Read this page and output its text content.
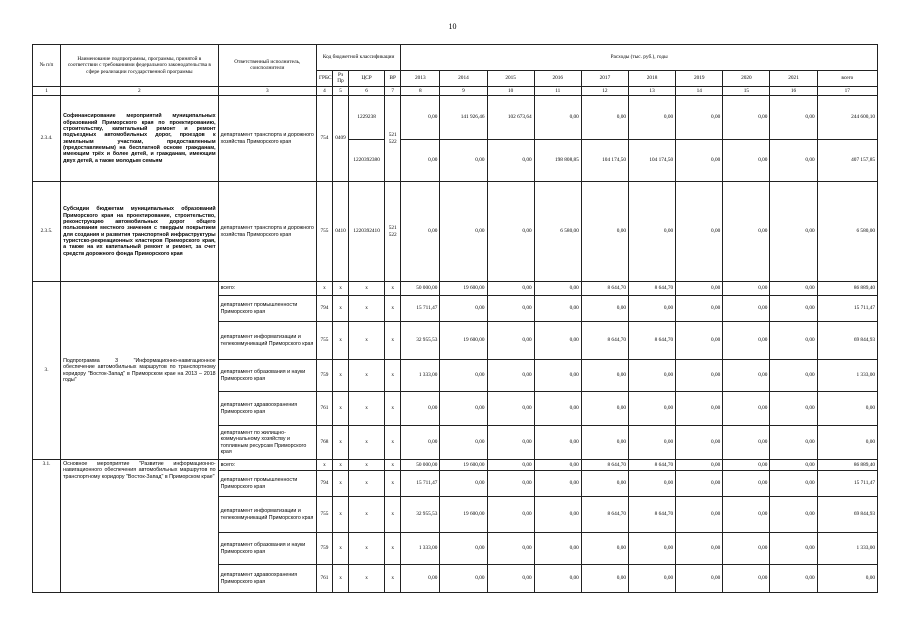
10
№ п/п	Наименование подпрограммы, программы, принятой в соответствии с требованиями федерального законодательства в сфере реализации государственной программы	Ответственный исполнитель, соисполнители	Код бюджетной классификации				Расходы (тыс. руб.), годы									
			ГРБС	Рз Пр	ЦСР	ВР	2013	2014	2015	2016	2017	2018	2019	2020	2021	всего
1	2	3	4	5	6	7	8	9	10	11	12	13	14	15	16	17
2.3.4.	Софинансирование мероприятий муниципальных образований Приморского края по проектированию, строительству, капитальный ремонт и ремонт подъездных автомобильных дорог, проездов к земельным участкам, предоставленным (предоставляемым) на бесплатной основе гражданам, имеющим трёх и более детей, и гражданам, имеющим двух детей, а также молодым семьям	департамент транспорта и дорожного хозяйства Приморского края	754	0409	1229238	521 522	0,00	141 926,46	102 673,64	0,00	0,00	0,00	0,00	0,00	0,00	244 600,10
					1220392380		0,00	0,00	0,00	198 808,85	104 174,50	104 174,50	0,00	0,00	0,00	407 157,85
2.3.5.	Субсидии бюджетам муниципальных образований Приморского края на проектирование, строительство, реконструкцию автомобильных дорог общего пользования местного значения с твердым покрытием для создания и развития транспортной инфраструктуры туристско-рекреационных кластеров Приморского края, а также на их капитальный ремонт и ремонт, за счет средств дорожного фонда Приморского края	департамент транспорта и дорожного хозяйства Приморского края	755	0410	1220392410	521 522	0,00	0,00	0,00	6 580,00	0,00	0,00	0,00	0,00	0,00	6 580,00
3.	Подпрограмма 3 "Информационно-навигационное обеспечение автомобильных маршрутов по транспортному коридору "Восток-Запад" в Приморском крае на 2013 – 2018 годы"	всего:	x	x	x	x	50 000,00	19 600,00	0,00	0,00	8 644,70	8 644,70	0,00	0,00	0,00	86 889,40
		департамент промышленности Приморского края	794	x	x	x	15 711,47	0,00	0,00	0,00	0,00	0,00	0,00	0,00	0,00	15 711,47
		департамент информатизации и телекоммуникаций Приморского края	755	x	x	x	32 955,53	19 600,00	0,00	0,00	8 644,70	8 644,70	0,00	0,00	0,00	69 844,93
		департамент образования и науки Приморского края	759	x	x	x	1 333,00	0,00	0,00	0,00	0,00	0,00	0,00	0,00	0,00	1 333,00
		департамент здравоохранения Приморского края	761	x	x	x	0,00	0,00	0,00	0,00	0,00	0,00	0,00	0,00	0,00	0,00
		департамент по жилищно-коммунальному хозяйству и топливным ресурсам Приморского края	768	x	x	x	0,00	0,00	0,00	0,00	0,00	0,00	0,00	0,00	0,00	0,00
3.1.	Основное мероприятие "Развитие информационно-навигационного обеспечения автомобильных маршрутов по транспортному коридору "Восток-Запад" в Приморском крае"	всего:	x	x	x	x	50 000,00	19 600,00	0,00	0,00	8 644,70	8 644,70	0,00	0,00	0,00	86 889,40
		департамент промышленности Приморского края	794	x	x	x	15 711,47	0,00	0,00	0,00	0,00	0,00	0,00	0,00	0,00	15 711,47
		департамент информатизации и телекоммуникаций Приморского края	755	x	x	x	32 955,53	19 600,00	0,00	0,00	8 644,70	8 644,70	0,00	0,00	0,00	69 844,93
		департамент образования и науки Приморского края	759	x	x	x	1 333,00	0,00	0,00	0,00	0,00	0,00	0,00	0,00	0,00	1 333,00
		департамент здравоохранения Приморского края	761	x	x	x	0,00	0,00	0,00	0,00	0,00	0,00	0,00	0,00	0,00	0,00
